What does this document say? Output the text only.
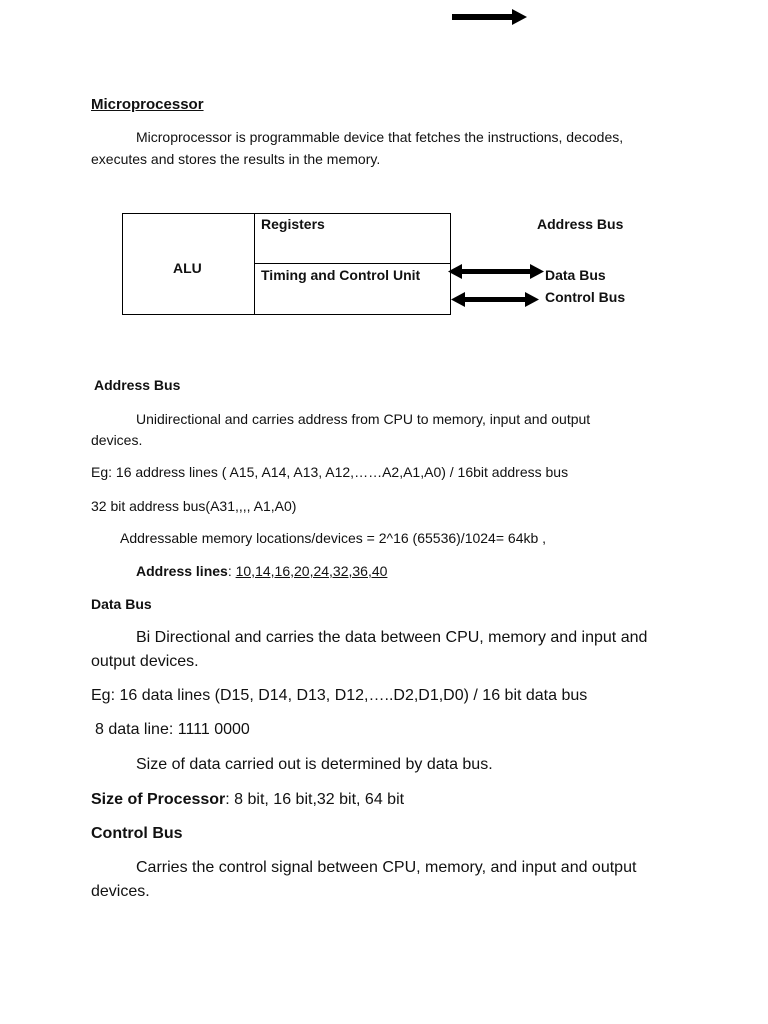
Microprocessor
Microprocessor is programmable device that fetches the instructions, decodes,
executes and stores the results in the memory.
ALU
Registers
Timing and Control Unit
Address Bus
Data Bus
Control Bus
Address Bus
Unidirectional and carries address from CPU to memory, input and output
devices.
Eg: 16 address lines ( A15, A14, A13, A12,……A2,A1,A0) / 16bit address bus
32 bit address bus(A31,,,, A1,A0)
Addressable memory locations/devices = 2^16 (65536)/1024= 64kb ,
Address lines: 10,14,16,20,24,32,36,40
Data Bus
Bi Directional and carries the data between CPU, memory and input and
output devices.
Eg: 16 data lines (D15, D14, D13, D12,…..D2,D1,D0) / 16 bit data bus
8 data line: 1111 0000
Size of data carried out is determined by data bus.
Size of Processor: 8 bit, 16 bit,32 bit, 64 bit
Control Bus
Carries the control signal between CPU, memory, and input and output
devices.
